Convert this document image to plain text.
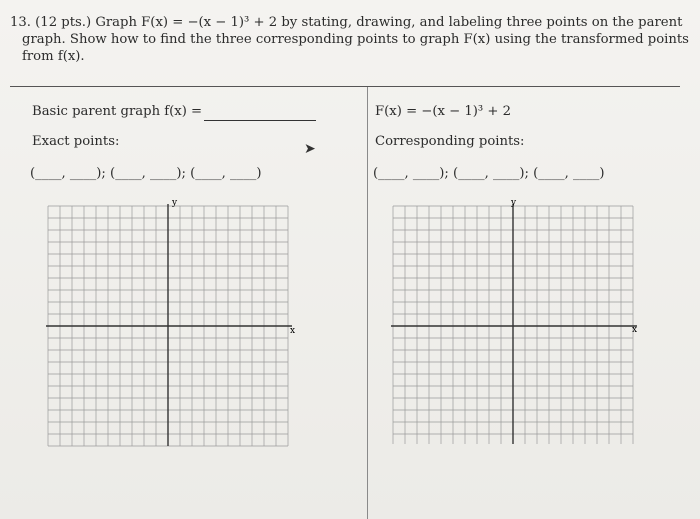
13. (12 pts.) Graph F(x) = −(x − 1)³ + 2 by stating, drawing, and labeling three points on the parent
graph. Show how to find the three corresponding points to graph F(x) using the transformed points
from f(x).
Basic parent graph f(x) =
Exact points:
(____, ____); (____, ____); (____, ____)
➤
F(x) = −(x − 1)³ + 2
Corresponding points:
(____, ____); (____, ____); (____, ____)
y
x
y
x
